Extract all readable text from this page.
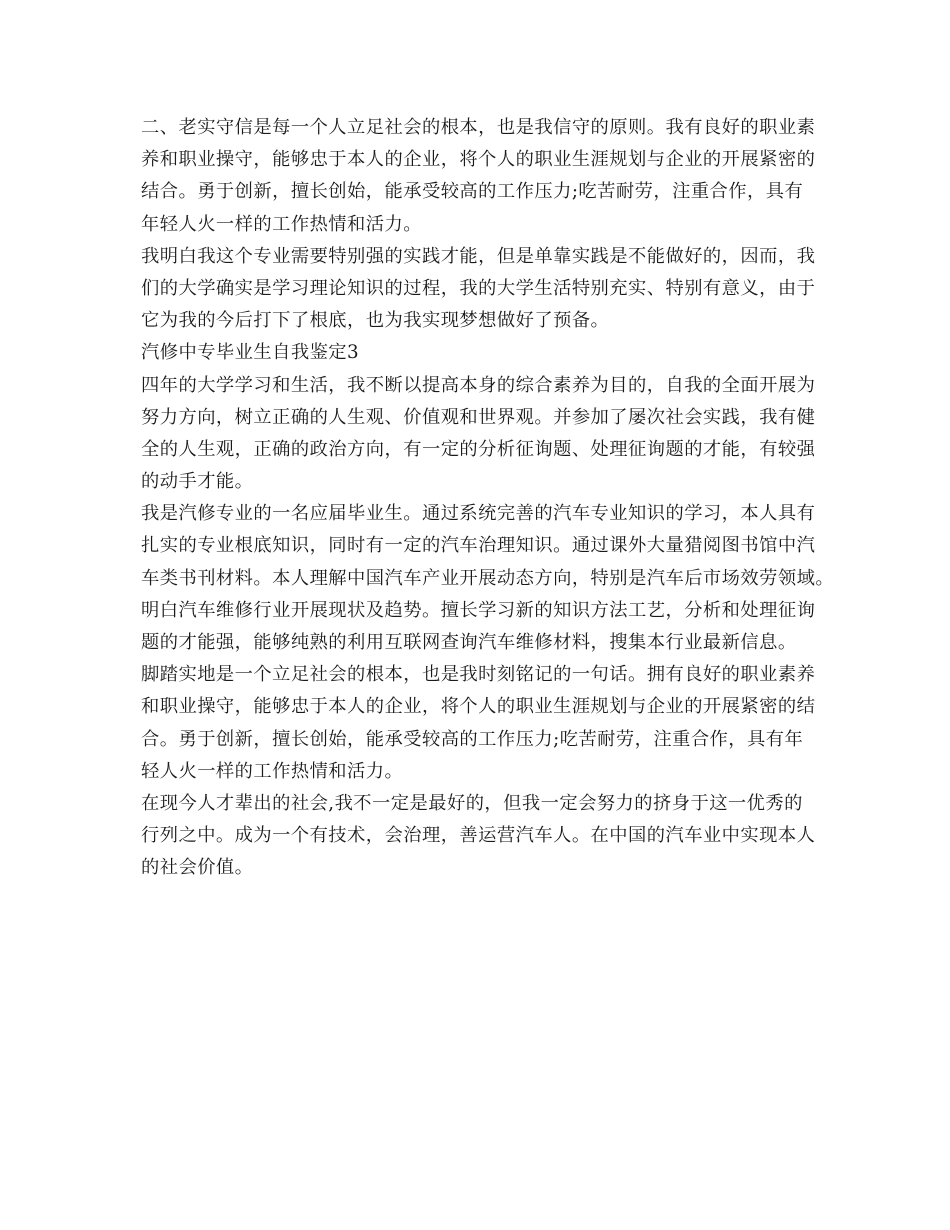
二、老实守信是每一个人立足社会的根本，也是我信守的原则。我有良好的职业素
养和职业操守，能够忠于本人的企业，将个人的职业生涯规划与企业的开展紧密的
结合。勇于创新，擅长创始，能承受较高的工作压力;吃苦耐劳，注重合作，具有
年轻人火一样的工作热情和活力。
我明白我这个专业需要特别强的实践才能，但是单靠实践是不能做好的，因而，我
们的大学确实是学习理论知识的过程，我的大学生活特别充实、特别有意义，由于
它为我的今后打下了根底，也为我实现梦想做好了预备。
汽修中专毕业生自我鉴定3
四年的大学学习和生活，我不断以提高本身的综合素养为目的，自我的全面开展为
努力方向，树立正确的人生观、价值观和世界观。并参加了屡次社会实践，我有健
全的人生观，正确的政治方向，有一定的分析征询题、处理征询题的才能，有较强
的动手才能。
我是汽修专业的一名应届毕业生。通过系统完善的汽车专业知识的学习，本人具有
扎实的专业根底知识，同时有一定的汽车治理知识。通过课外大量猎阅图书馆中汽
车类书刊材料。本人理解中国汽车产业开展动态方向，特别是汽车后市场效劳领域。
明白汽车维修行业开展现状及趋势。擅长学习新的知识方法工艺，分析和处理征询
题的才能强，能够纯熟的利用互联网查询汽车维修材料，搜集本行业最新信息。
脚踏实地是一个立足社会的根本，也是我时刻铭记的一句话。拥有良好的职业素养
和职业操守，能够忠于本人的企业，将个人的职业生涯规划与企业的开展紧密的结
合。勇于创新，擅长创始，能承受较高的工作压力;吃苦耐劳，注重合作，具有年
轻人火一样的工作热情和活力。
在现今人才辈出的社会,我不一定是最好的，但我一定会努力的挤身于这一优秀的
行列之中。成为一个有技术，会治理，善运营汽车人。在中国的汽车业中实现本人
的社会价值。
